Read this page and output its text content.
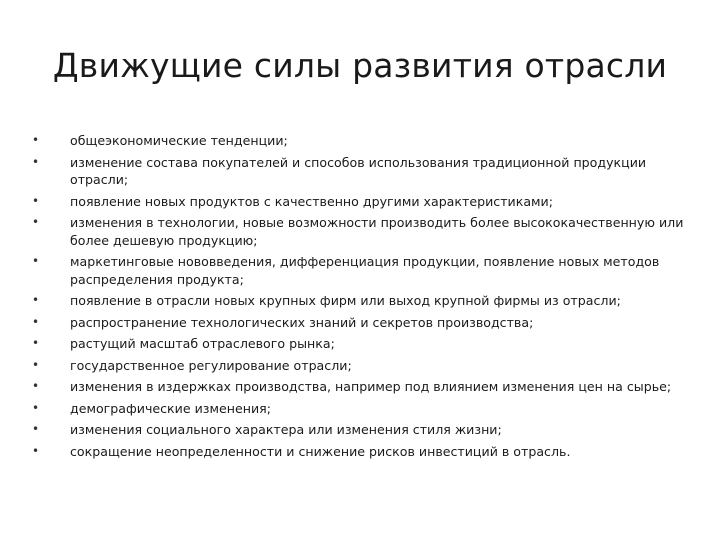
Движущие силы развития отрасли
•	общеэкономические тенденции;
•	изменение состава покупателей и способов использования традиционной продукции отрасли;
•	появление новых продуктов с качественно другими характеристиками;
•	изменения в технологии, новые возможности производить более высококачественную или более дешевую продукцию;
•	маркетинговые нововведения, дифференциация продукции, появление новых методов распределения продукта;
•	появление в отрасли новых крупных фирм или выход крупной фирмы из отрасли;
•	распространение технологических знаний и секретов производства;
•	растущий масштаб отраслевого рынка;
•	государственное регулирование отрасли;
•	изменения в издержках производства, например под влиянием изменения цен на сырье;
•	демографические изменения;
•	изменения социального характера или изменения стиля жизни;
•	сокращение неопределенности и снижение рисков инвестиций в отрасль.
